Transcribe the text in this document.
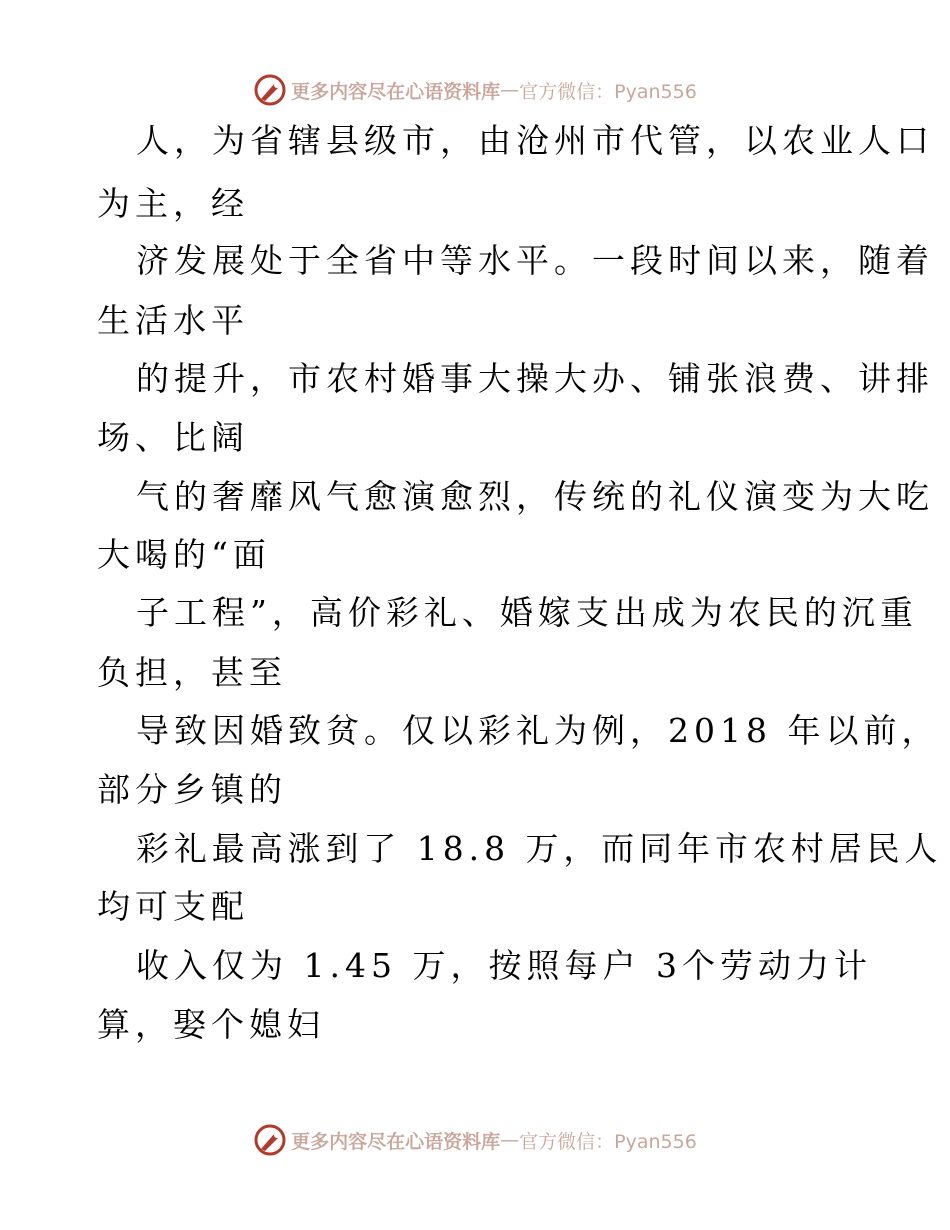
更多内容尽在心语资料库 — 官方微信：Pyan556
人，为省辖县级市，由沧州市代管，以农业人口
为主，经
济发展处于全省中等水平。一段时间以来，随着
生活水平
的提升，市农村婚事大操大办、铺张浪费、讲排
场、比阔
气的奢靡风气愈演愈烈，传统的礼仪演变为大吃
大喝的“面
子工程”，高价彩礼、婚嫁支出成为农民的沉重
负担，甚至
导致因婚致贫。仅以彩礼为例，2018 年以前，
部分乡镇的
彩礼最高涨到了 18.8 万，而同年市农村居民人
均可支配
收入仅为 1.45 万，按照每户 3个劳动力计
算，娶个媳妇
更多内容尽在心语资料库 — 官方微信：Pyan556
